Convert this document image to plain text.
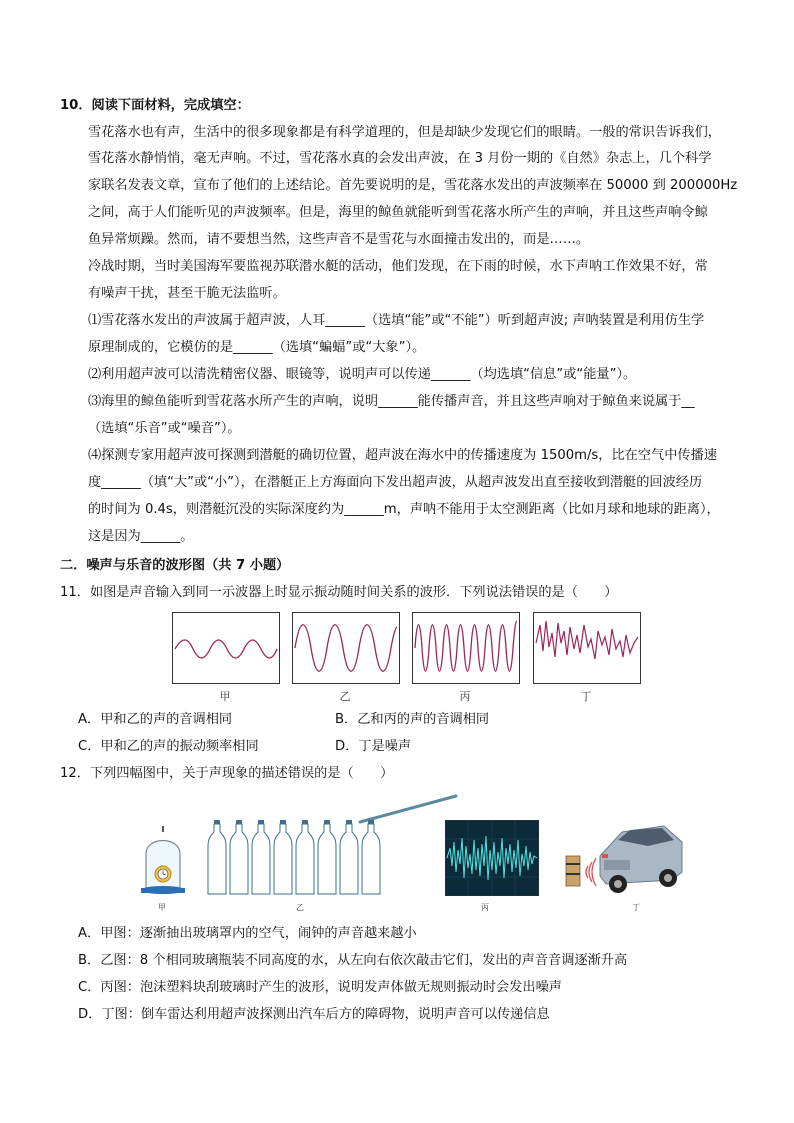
10．阅读下面材料，完成填空：
雪花落水也有声，生活中的很多现象都是有科学道理的，但是却缺少发现它们的眼睛。一般的常识告诉我们，
雪花落水静悄悄，毫无声响。不过，雪花落水真的会发出声波，在 3 月份一期的《自然》杂志上，几个科学
家联名发表文章，宣布了他们的上述结论。首先要说明的是，雪花落水发出的声波频率在 50000 到 200000Hz
之间，高于人们能听见的声波频率。但是，海里的鲸鱼就能听到雪花落水所产生的声响，并且这些声响令鲸
鱼异常烦躁。然而，请不要想当然，这些声音不是雪花与水面撞击发出的，而是……。
冷战时期，当时美国海军要监视苏联潜水艇的活动，他们发现，在下雨的时候，水下声呐工作效果不好，常
有噪声干扰，甚至干脆无法监听。
⑴雪花落水发出的声波属于超声波，人耳______（选填“能”或“不能”）听到超声波; 声呐装置是利用仿生学
原理制成的，它模仿的是______（选填“蝙蝠”或“大象”）。
⑵利用超声波可以清洗精密仪器、眼镜等，说明声可以传递______（均选填“信息”或“能量”）。
⑶海里的鲸鱼能听到雪花落水所产生的声响，说明______能传播声音，并且这些声响对于鲸鱼来说属于__
（选填“乐音”或“噪音”）。
⑷探测专家用超声波可探测到潜艇的确切位置，超声波在海水中的传播速度为 1500m/s，比在空气中传播速
度______（填“大”或“小”），在潜艇正上方海面向下发出超声波，从超声波发出直至接收到潜艇的回波经历
的时间为 0.4s，则潜艇沉没的实际深度约为______m，声呐不能用于太空测距离（比如月球和地球的距离），
这是因为______。
二．噪声与乐音的波形图（共 7 小题）
11．如图是声音输入到同一示波器上时显示振动随时间关系的波形．下列说法错误的是（　　）
甲	乙	丙	丁
A．甲和乙的声的音调相同	B．乙和丙的声的音调相同
C．甲和乙的声的振动频率相同	D．丁是噪声
12．下列四幅图中，关于声现象的描述错误的是（　　）
甲	乙	丙	丁
A．甲图：逐渐抽出玻璃罩内的空气，闹钟的声音越来越小
B．乙图：8 个相同玻璃瓶装不同高度的水，从左向右依次敲击它们，发出的声音音调逐渐升高
C．丙图：泡沫塑料块刮玻璃时产生的波形，说明发声体做无规则振动时会发出噪声
D．丁图：倒车雷达利用超声波探测出汽车后方的障碍物，说明声音可以传递信息
